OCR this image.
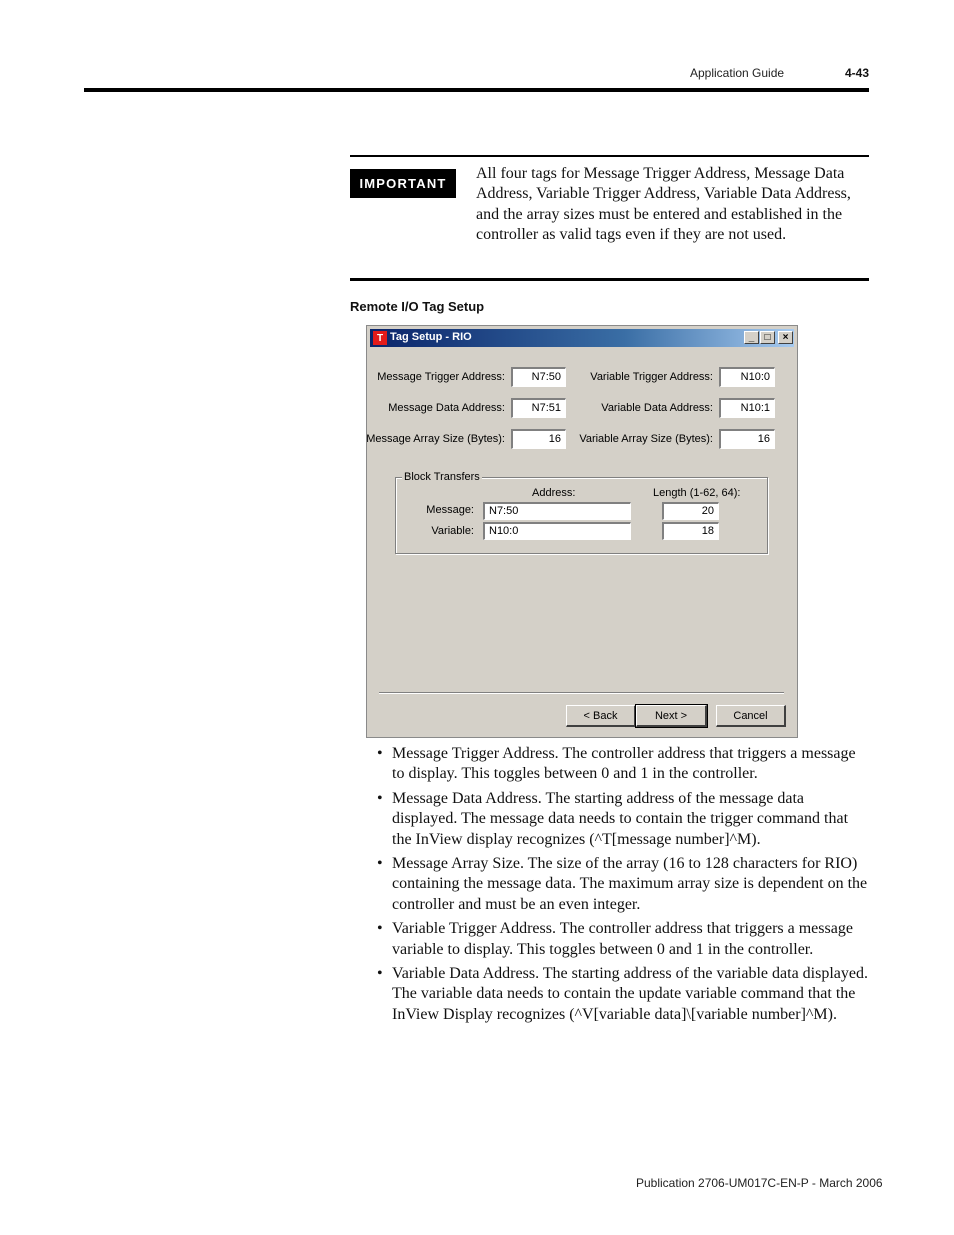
Application Guide	4-43
IMPORTANT
All four tags for Message Trigger Address, Message Data Address, Variable Trigger Address, Variable Data Address, and the array sizes must be entered and established in the controller as valid tags even if they are not used.
Remote I/O Tag Setup
T Tag Setup - RIO	_	□	×
Message Trigger Address:	N7:50
Message Data Address:	N7:51
Message Array Size (Bytes):	16
Variable Trigger Address:	N10:0
Variable Data Address:	N10:1
Variable Array Size (Bytes):	16
Block Transfers
Address:	Length (1-62, 64):
Message:	N7:50	20
Variable:	N10:0	18
< Back	Next >	Cancel
• Message Trigger Address. The controller address that triggers a message to display. This toggles between 0 and 1 in the controller.
• Message Data Address. The starting address of the message data displayed. The message data needs to contain the trigger command that the InView display recognizes (^T[message number]^M).
• Message Array Size. The size of the array (16 to 128 characters for RIO) containing the message data. The maximum array size is dependent on the controller and must be an even integer.
• Variable Trigger Address. The controller address that triggers a message variable to display. This toggles between 0 and 1 in the controller.
• Variable Data Address. The starting address of the variable data displayed. The variable data needs to contain the update variable command that the InView Display recognizes (^V[variable data]\[variable number]^M).
Publication 2706-UM017C-EN-P - March 2006
